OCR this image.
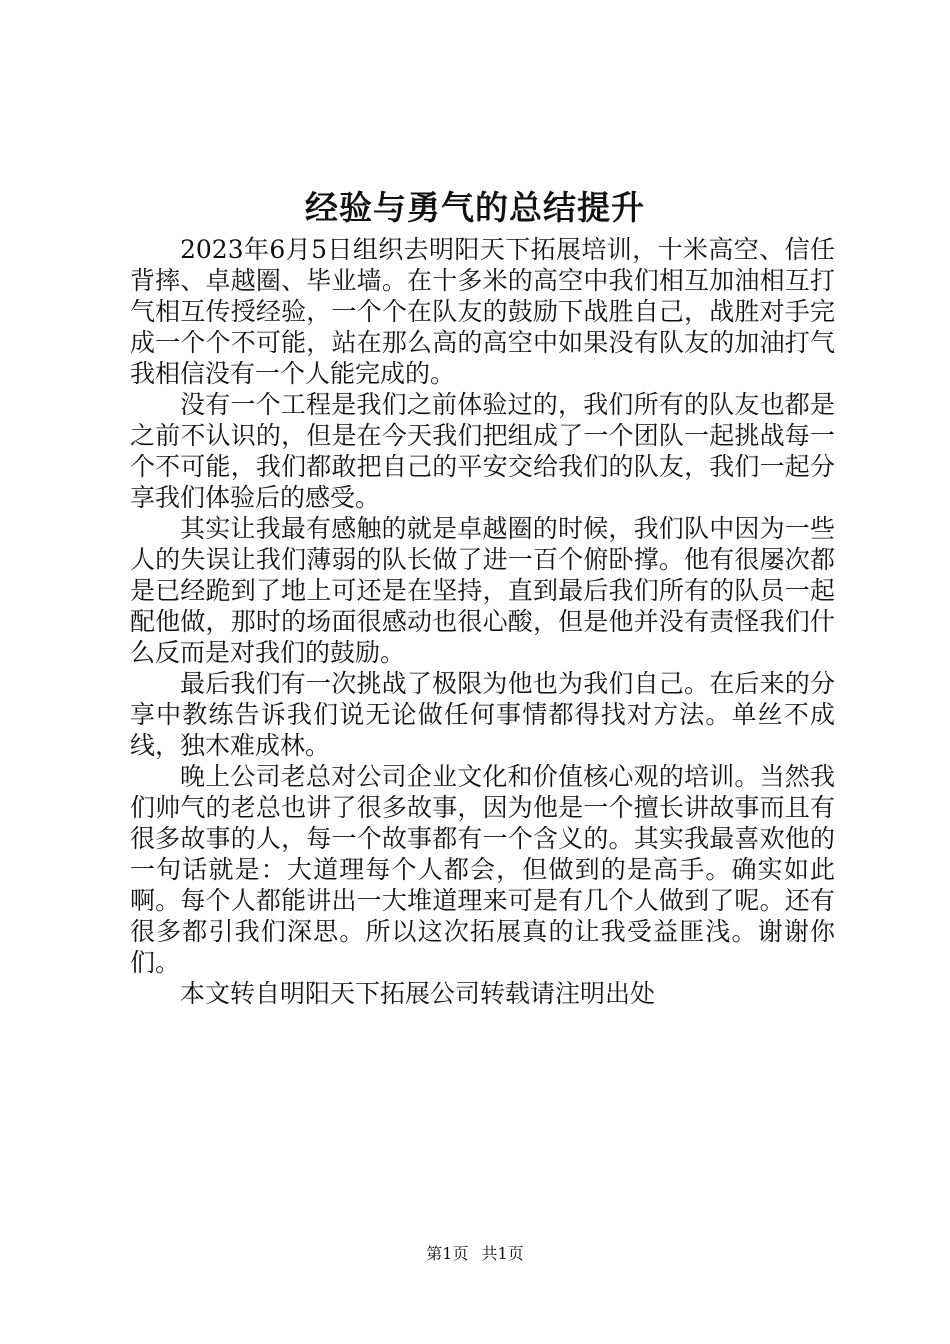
经验与勇气的总结提升

2023年6月5日组织去明阳天下拓展培训，十米高空、信任背摔、卓越圈、毕业墙。在十多米的高空中我们相互加油相互打气相互传授经验，一个个在队友的鼓励下战胜自己，战胜对手完成一个个不可能，站在那么高的高空中如果没有队友的加油打气我相信没有一个人能完成的。

没有一个工程是我们之前体验过的，我们所有的队友也都是之前不认识的，但是在今天我们把组成了一个团队一起挑战每一个不可能，我们都敢把自己的平安交给我们的队友，我们一起分享我们体验后的感受。

其实让我最有感触的就是卓越圈的时候，我们队中因为一些人的失误让我们薄弱的队长做了进一百个俯卧撑。他有很屡次都是已经跪到了地上可还是在坚持，直到最后我们所有的队员一起配他做，那时的场面很感动也很心酸，但是他并没有责怪我们什么反而是对我们的鼓励。

最后我们有一次挑战了极限为他也为我们自己。在后来的分享中教练告诉我们说无论做任何事情都得找对方法。单丝不成线，独木难成林。

晚上公司老总对公司企业文化和价值核心观的培训。当然我们帅气的老总也讲了很多故事，因为他是一个擅长讲故事而且有很多故事的人，每一个故事都有一个含义的。其实我最喜欢他的一句话就是：大道理每个人都会，但做到的是高手。确实如此啊。每个人都能讲出一大堆道理来可是有几个人做到了呢。还有很多都引我们深思。所以这次拓展真的让我受益匪浅。谢谢你们。

本文转自明阳天下拓展公司转载请注明出处

第1页 共1页
